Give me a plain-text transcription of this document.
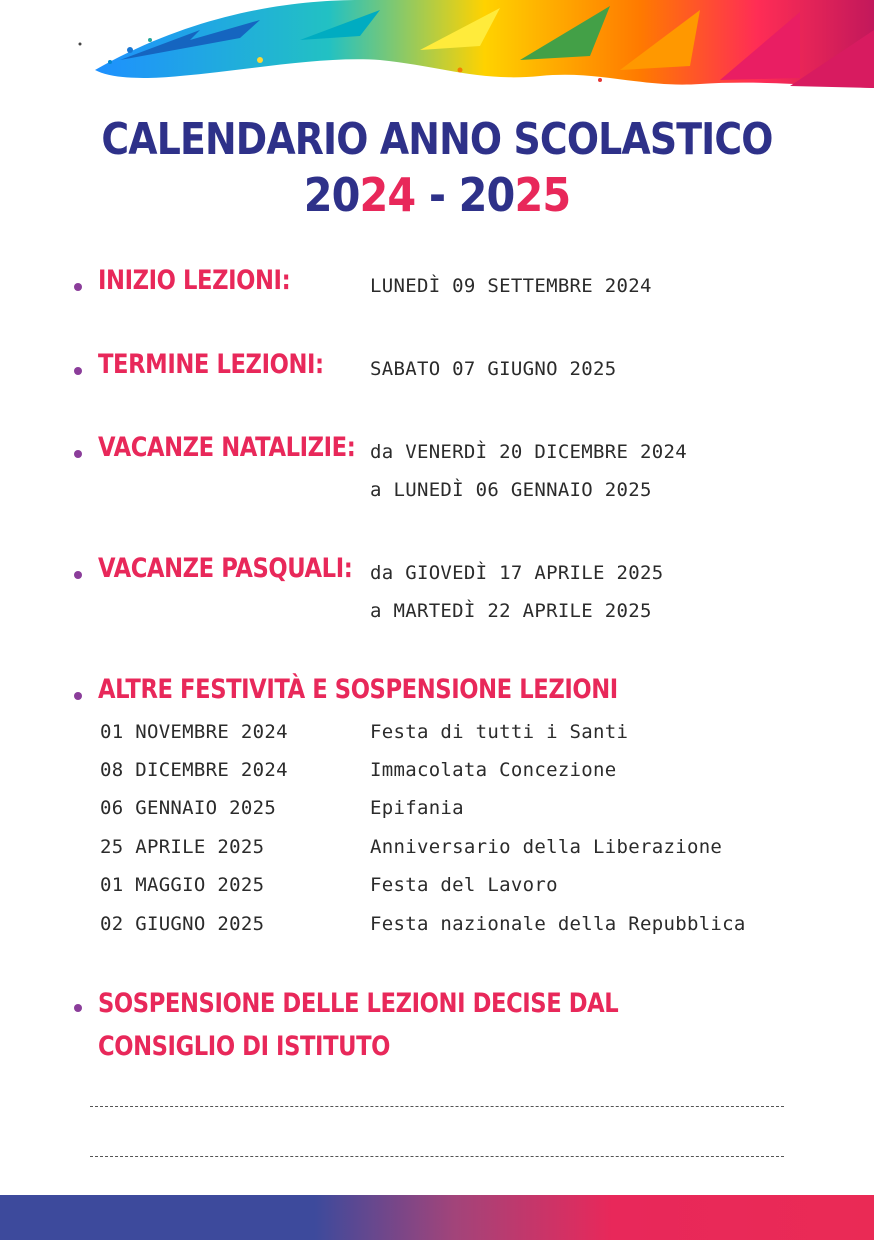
CALENDARIO ANNO SCOLASTICO
2024 - 2025
INIZIO LEZIONI:	LUNEDÌ 09 SETTEMBRE 2024
TERMINE LEZIONI: SABATO 07 GIUGNO 2025
VACANZE NATALIZIE: da VENERDÌ 20 DICEMBRE 2024
a LUNEDÌ 06 GENNAIO 2025
VACANZE PASQUALI: da GIOVEDÌ 17 APRILE 2025
a MARTEDÌ 22 APRILE 2025
ALTRE FESTIVITÀ E SOSPENSIONE LEZIONI
01 NOVEMBRE 2024	Festa di tutti i Santi
08 DICEMBRE 2024	Immacolata Concezione
06 GENNAIO 2025	Epifania
25 APRILE 2025	Anniversario della Liberazione
01 MAGGIO 2025	Festa del Lavoro
02 GIUGNO 2025	Festa nazionale della Repubblica
SOSPENSIONE DELLE LEZIONI DECISE DAL CONSIGLIO DI ISTITUTO
